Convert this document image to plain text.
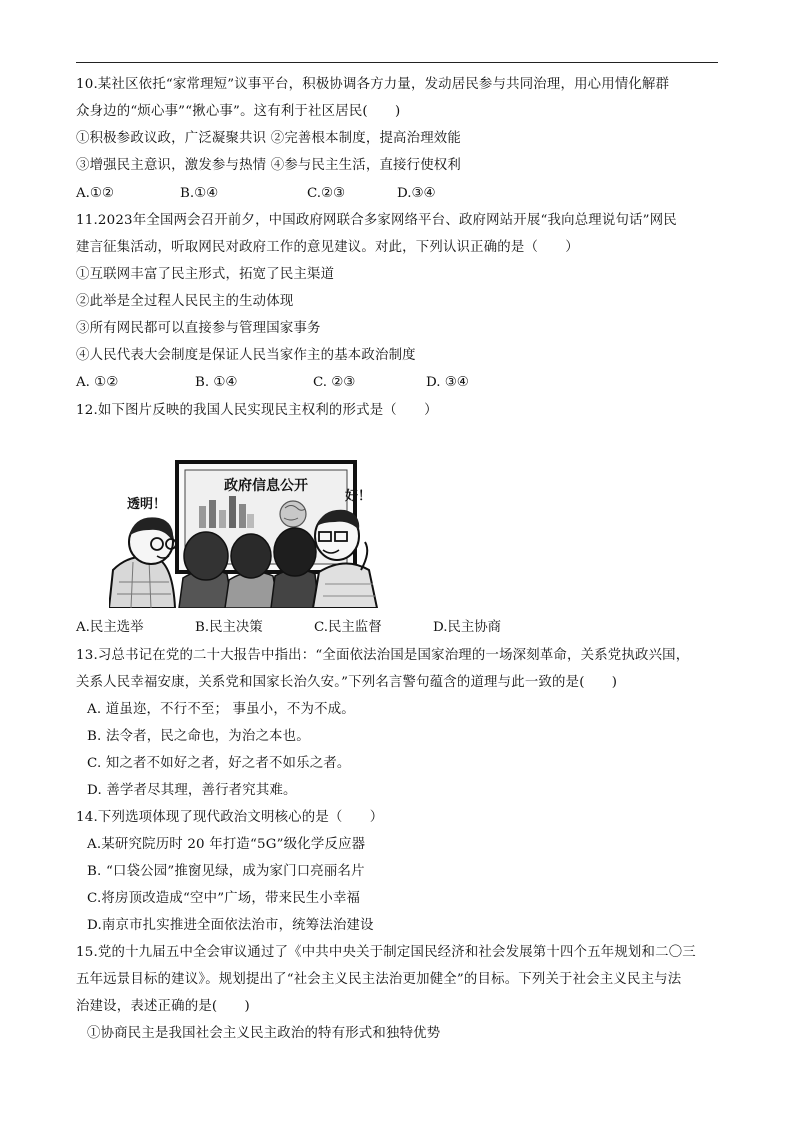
10.某社区依托“家常理短”议事平台，积极协调各方力量，发动居民参与共同治理，用心用情化解群
众身边的“烦心事”“揪心事”。这有利于社区居民(　　)
①积极参政议政，广泛凝聚共识 ②完善根本制度，提高治理效能
③增强民主意识，激发参与热情 ④参与民主生活，直接行使权利
A.①②	B.①④	C.②③	D.③④
11.2023年全国两会召开前夕，中国政府网联合多家网络平台、政府网站开展“我向总理说句话”网民
建言征集活动，听取网民对政府工作的意见建议。对此，下列认识正确的是（　　）
①互联网丰富了民主形式，拓宽了民主渠道
②此举是全过程人民民主的生动体现
③所有网民都可以直接参与管理国家事务
④人民代表大会制度是保证人民当家作主的基本政治制度
A. ①②	B. ①④	C. ②③	D. ③④
12.如下图片反映的我国人民实现民主权利的形式是（　　）
政府信息公开
透明！
好！
A.民主选举	B.民主决策	C.民主监督	D.民主协商
13.习总书记在党的二十大报告中指出：“全面依法治国是国家治理的一场深刻革命，关系党执政兴国，
关系人民幸福安康，关系党和国家长治久安。”下列名言警句蕴含的道理与此一致的是(　　)
A. 道虽迩，不行不至； 事虽小，不为不成。
B. 法令者，民之命也，为治之本也。
C. 知之者不如好之者，好之者不如乐之者。
D. 善学者尽其理，善行者究其难。
14.下列选项体现了现代政治文明核心的是（　　）
A.某研究院历时 20 年打造“5G”级化学反应器
B. “口袋公园”推窗见绿，成为家门口亮丽名片
C.将房顶改造成“空中”广场，带来民生小幸福
D.南京市扎实推进全面依法治市，统筹法治建设
15.党的十九届五中全会审议通过了《中共中央关于制定国民经济和社会发展第十四个五年规划和二〇三
五年远景目标的建议》。规划提出了“社会主义民主法治更加健全”的目标。下列关于社会主义民主与法
治建设，表述正确的是(　　)
①协商民主是我国社会主义民主政治的特有形式和独特优势
